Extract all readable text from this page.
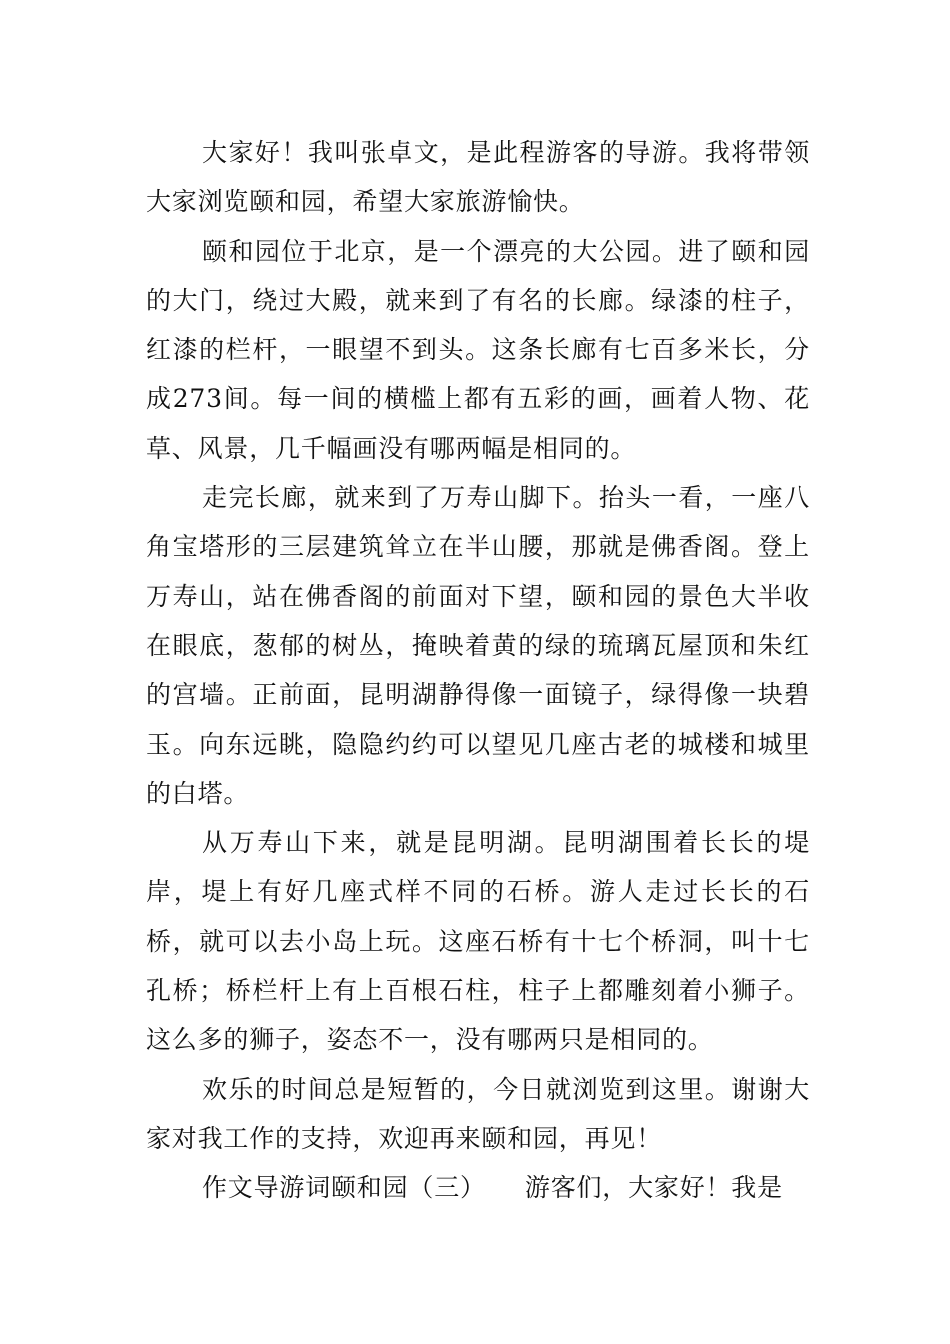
大家好！我叫张卓文，是此程游客的导游。我将带领大家浏览颐和园，希望大家旅游愉快。

颐和园位于北京，是一个漂亮的大公园。进了颐和园的大门，绕过大殿，就来到了有名的长廊。绿漆的柱子，红漆的栏杆，一眼望不到头。这条长廊有七百多米长，分成273间。每一间的横槛上都有五彩的画，画着人物、花草、风景，几千幅画没有哪两幅是相同的。

走完长廊，就来到了万寿山脚下。抬头一看，一座八角宝塔形的三层建筑耸立在半山腰，那就是佛香阁。登上万寿山，站在佛香阁的前面对下望，颐和园的景色大半收在眼底，葱郁的树丛，掩映着黄的绿的琉璃瓦屋顶和朱红的宫墙。正前面，昆明湖静得像一面镜子，绿得像一块碧玉。向东远眺，隐隐约约可以望见几座古老的城楼和城里的白塔。

从万寿山下来，就是昆明湖。昆明湖围着长长的堤岸，堤上有好几座式样不同的石桥。游人走过长长的石桥，就可以去小岛上玩。这座石桥有十七个桥洞，叫十七孔桥；桥栏杆上有上百根石柱，柱子上都雕刻着小狮子。这么多的狮子，姿态不一，没有哪两只是相同的。

欢乐的时间总是短暂的，今日就浏览到这里。谢谢大家对我工作的支持，欢迎再来颐和园，再见！

作文导游词颐和园（三）　　游客们，大家好！我是
